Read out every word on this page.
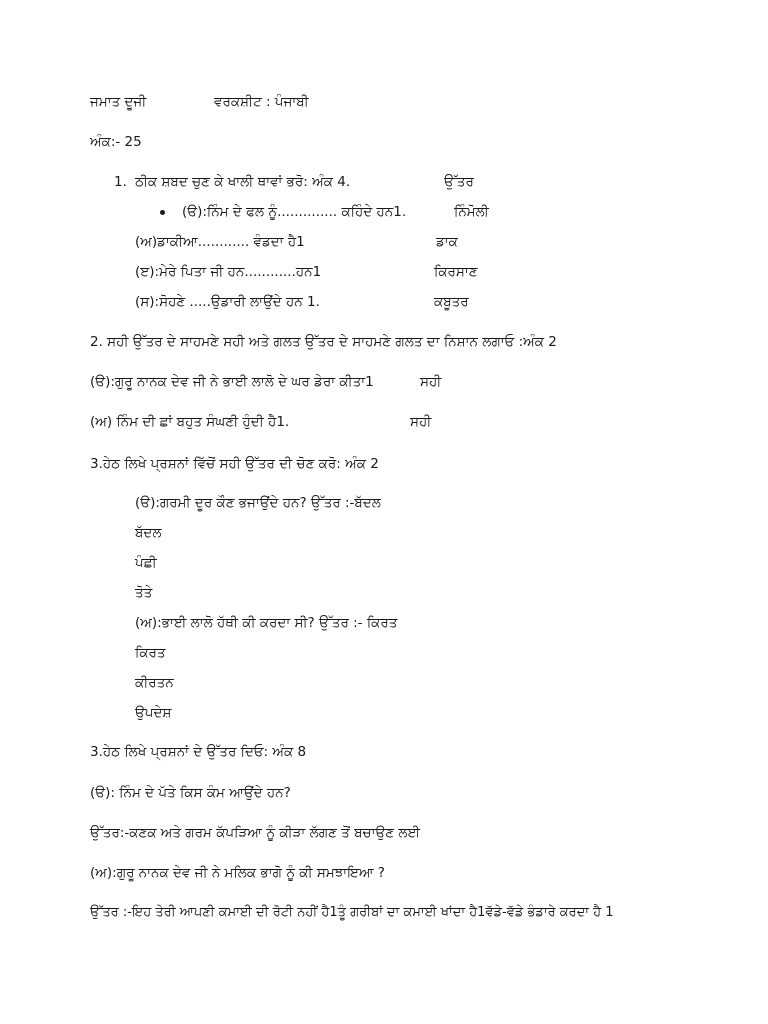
ਜਮਾਤ ਦੂਜੀ	ਵਰਕਸ਼ੀਟ : ਪੰਜਾਬੀ
ਅੰਕ:- 25
1. ਠੀਕ ਸ਼ਬਦ ਚੁਣ ਕੇ ਖਾਲੀ ਥਾਵਾਂ ਭਰੋ: ਅੰਕ 4.	ਉੱਤਰ
(ੳ):ਨਿੰਮ ਦੇ ਫਲ ਨੂੰ.............. ਕਹਿੰਦੇ ਹਨ1.	ਨਿੰਮੋਲੀ
(ਅ)ਡਾਕੀਆ............ ਵੰਡਦਾ ਹੈ1	ਡਾਕ
(ੲ):ਮੇਰੇ ਪਿਤਾ ਜੀ ਹਨ............ਹਨ1	ਕਿਰਸਾਣ
(ਸ):ਸੋਹਣੇ .....ਉਡਾਰੀ ਲਾਉਂਦੇ ਹਨ 1.	ਕਬੂਤਰ
2. ਸਹੀ ਉੱਤਰ ਦੇ ਸਾਹਮਣੇ ਸਹੀ ਅਤੇ ਗਲਤ ਉੱਤਰ ਦੇ ਸਾਹਮਣੇ ਗਲਤ ਦਾ ਨਿਸ਼ਾਨ ਲਗਾਓ :ਅੰਕ 2
(ੳ):ਗੁਰੂ ਨਾਨਕ ਦੇਵ ਜੀ ਨੇ ਭਾਈ ਲਾਲੋ ਦੇ ਘਰ ਡੇਰਾ ਕੀਤਾ1	ਸਹੀ
(ਅ) ਨਿੰਮ ਦੀ ਛਾਂ ਬਹੁਤ ਸੰਘਣੀ ਹੁੰਦੀ ਹੈ1.	ਸਹੀ
3.ਹੇਠ ਲਿਖੇ ਪ੍ਰਸ਼ਨਾਂ ਵਿੱਚੋਂ ਸਹੀ ਉੱਤਰ ਦੀ ਚੋਣ ਕਰੋ: ਅੰਕ 2
(ੳ):ਗਰਮੀ ਦੂਰ ਕੌਣ ਭਜਾਉਂਦੇ ਹਨ? ਉੱਤਰ :-ਬੱਦਲ
ਬੱਦਲ
ਪੰਛੀ
ਤੋਤੇ
(ਅ):ਭਾਈ ਲਾਲੋ ਹੱਥੀ ਕੀ ਕਰਦਾ ਸੀ? ਉੱਤਰ :- ਕਿਰਤ
ਕਿਰਤ
ਕੀਰਤਨ
ਉਪਦੇਸ਼
3.ਹੇਠ ਲਿਖੇ ਪ੍ਰਸ਼ਨਾਂ ਦੇ ਉੱਤਰ ਦਿਓ: ਅੰਕ 8
(ੳ): ਨਿੰਮ ਦੇ ਪੱਤੇ ਕਿਸ ਕੰਮ ਆਉਂਦੇ ਹਨ?
ਉੱਤਰ:-ਕਣਕ ਅਤੇ ਗਰਮ ਕੱਪੜਿਆ ਨੂੰ ਕੀੜਾ ਲੱਗਣ ਤੋਂ ਬਚਾਉਣ ਲਈ
(ਅ):ਗੁਰੂ ਨਾਨਕ ਦੇਵ ਜੀ ਨੇ ਮਲਿਕ ਭਾਗੋ ਨੂੰ ਕੀ ਸਮਝਾਇਆ ?
ਉੱਤਰ :-ਇਹ ਤੇਰੀ ਆਪਣੀ ਕਮਾਈ ਦੀ ਰੋਟੀ ਨਹੀਂ ਹੈ1ਤੂੰ ਗਰੀਬਾਂ ਦਾ ਕਮਾਈ ਖਾਂਦਾ ਹੈ1ਵੱਡੇ-ਵੱਡੇ ਭੰਡਾਰੇ ਕਰਦਾ ਹੈ 1
